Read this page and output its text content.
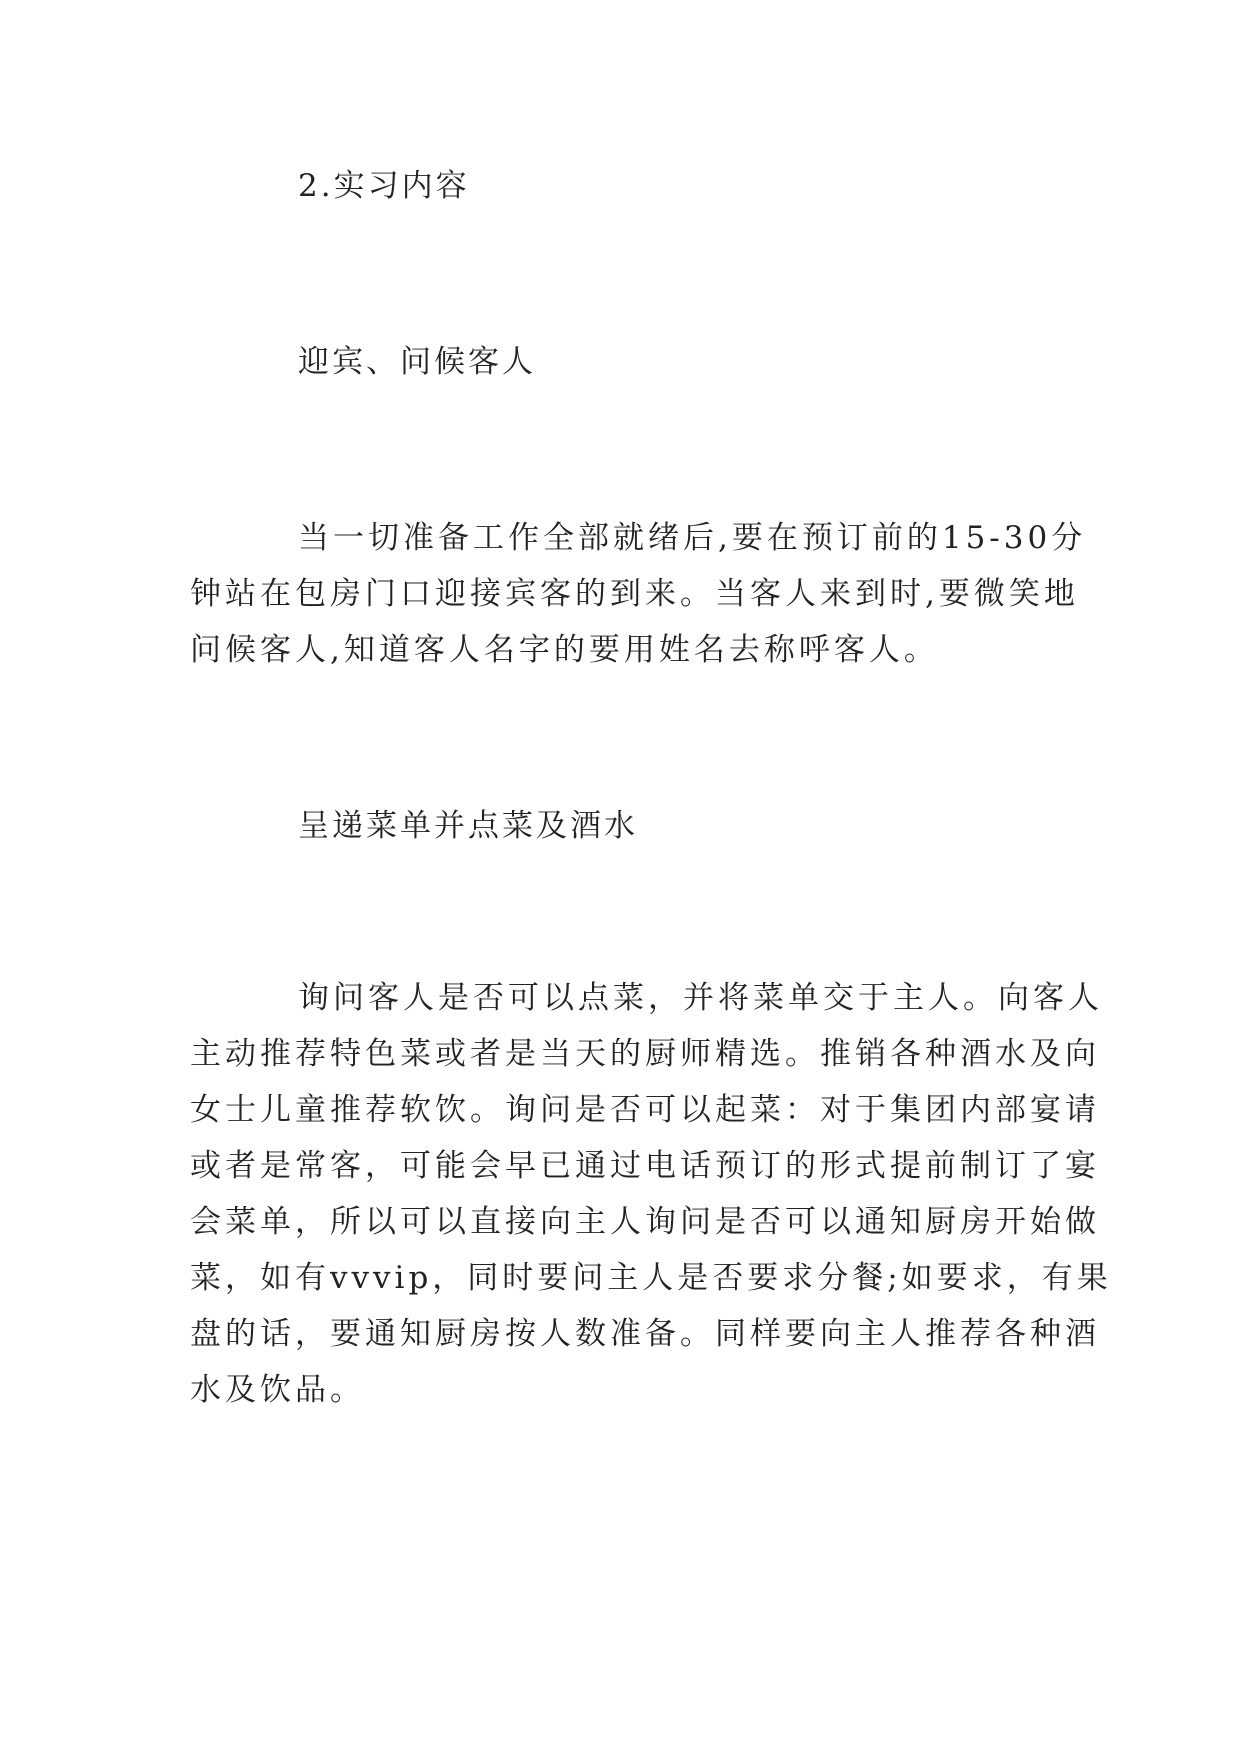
2.实习内容
迎宾、问候客人
当一切准备工作全部就绪后,要在预订前的15-30分
钟站在包房门口迎接宾客的到来。当客人来到时,要微笑地
问候客人,知道客人名字的要用姓名去称呼客人。
呈递菜单并点菜及酒水
询问客人是否可以点菜，并将菜单交于主人。向客人
主动推荐特色菜或者是当天的厨师精选。推销各种酒水及向
女士儿童推荐软饮。询问是否可以起菜：对于集团内部宴请
或者是常客，可能会早已通过电话预订的形式提前制订了宴
会菜单，所以可以直接向主人询问是否可以通知厨房开始做
菜，如有vvvip，同时要问主人是否要求分餐;如要求，有果
盘的话，要通知厨房按人数准备。同样要向主人推荐各种酒
水及饮品。
